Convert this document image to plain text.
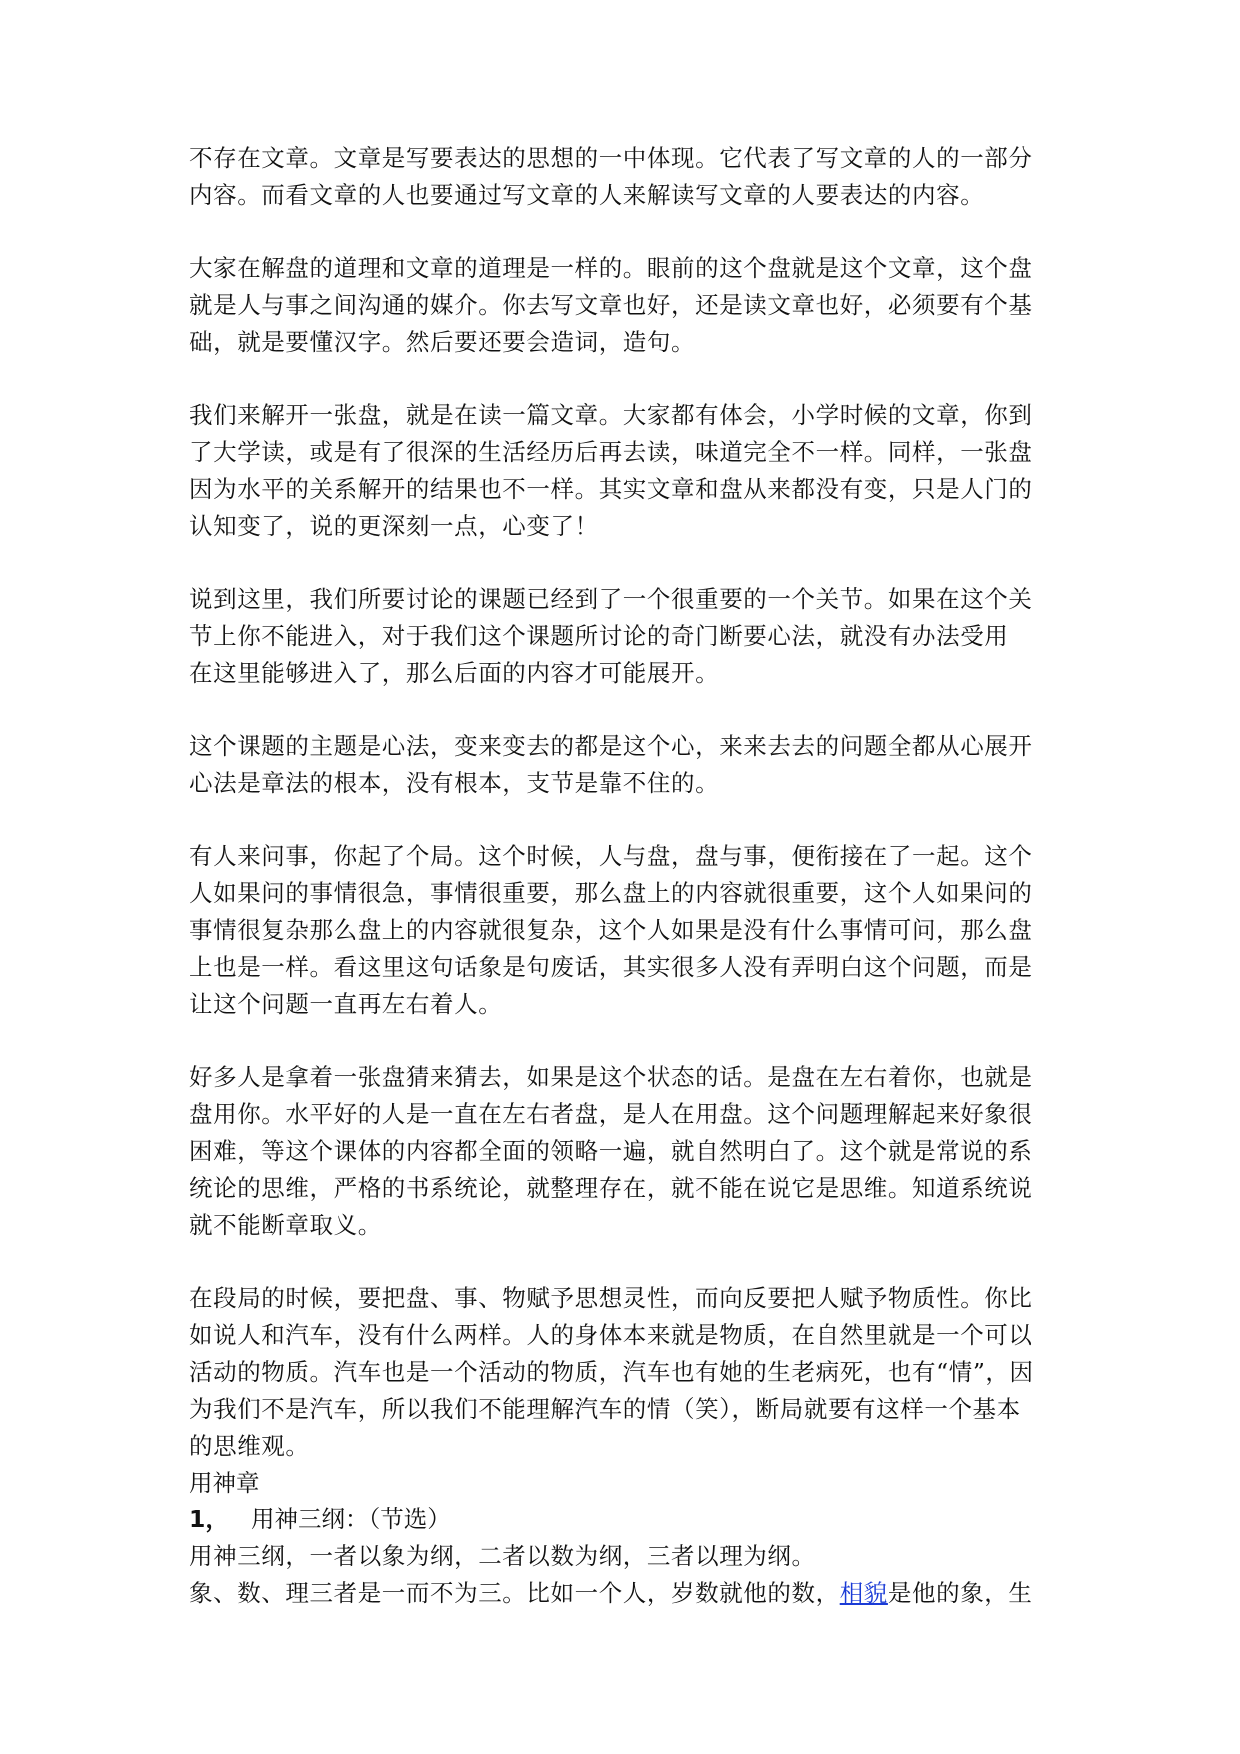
不存在文章。文章是写要表达的思想的一中体现。它代表了写文章的人的一部分
内容。而看文章的人也要通过写文章的人来解读写文章的人要表达的内容。

大家在解盘的道理和文章的道理是一样的。眼前的这个盘就是这个文章，这个盘
就是人与事之间沟通的媒介。你去写文章也好，还是读文章也好，必须要有个基
础，就是要懂汉字。然后要还要会造词，造句。

我们来解开一张盘，就是在读一篇文章。大家都有体会，小学时候的文章，你到
了大学读，或是有了很深的生活经历后再去读，味道完全不一样。同样，一张盘
因为水平的关系解开的结果也不一样。其实文章和盘从来都没有变，只是人门的
认知变了，说的更深刻一点，心变了！

说到这里，我们所要讨论的课题已经到了一个很重要的一个关节。如果在这个关
节上你不能进入，对于我们这个课题所讨论的奇门断要心法，就没有办法受用
在这里能够进入了，那么后面的内容才可能展开。

这个课题的主题是心法，变来变去的都是这个心，来来去去的问题全都从心展开
心法是章法的根本，没有根本，支节是靠不住的。

有人来问事，你起了个局。这个时候，人与盘，盘与事，便衔接在了一起。这个
人如果问的事情很急，事情很重要，那么盘上的内容就很重要，这个人如果问的
事情很复杂那么盘上的内容就很复杂，这个人如果是没有什么事情可问，那么盘
上也是一样。看这里这句话象是句废话，其实很多人没有弄明白这个问题，而是
让这个问题一直再左右着人。

好多人是拿着一张盘猜来猜去，如果是这个状态的话。是盘在左右着你，也就是
盘用你。水平好的人是一直在左右者盘，是人在用盘。这个问题理解起来好象很
困难，等这个课体的内容都全面的领略一遍，就自然明白了。这个就是常说的系
统论的思维，严格的书系统论，就整理存在，就不能在说它是思维。知道系统说
就不能断章取义。

在段局的时候，要把盘、事、物赋予思想灵性，而向反要把人赋予物质性。你比
如说人和汽车，没有什么两样。人的身体本来就是物质，在自然里就是一个可以
活动的物质。汽车也是一个活动的物质，汽车也有她的生老病死，也有“情”，因
为我们不是汽车，所以我们不能理解汽车的情（笑），断局就要有这样一个基本
的思维观。

用神章

1， 用神三纲：（节选）

用神三纲，一者以象为纲，二者以数为纲，三者以理为纲。

象、数、理三者是一而不为三。比如一个人，岁数就他的数，相貌是他的象，生
